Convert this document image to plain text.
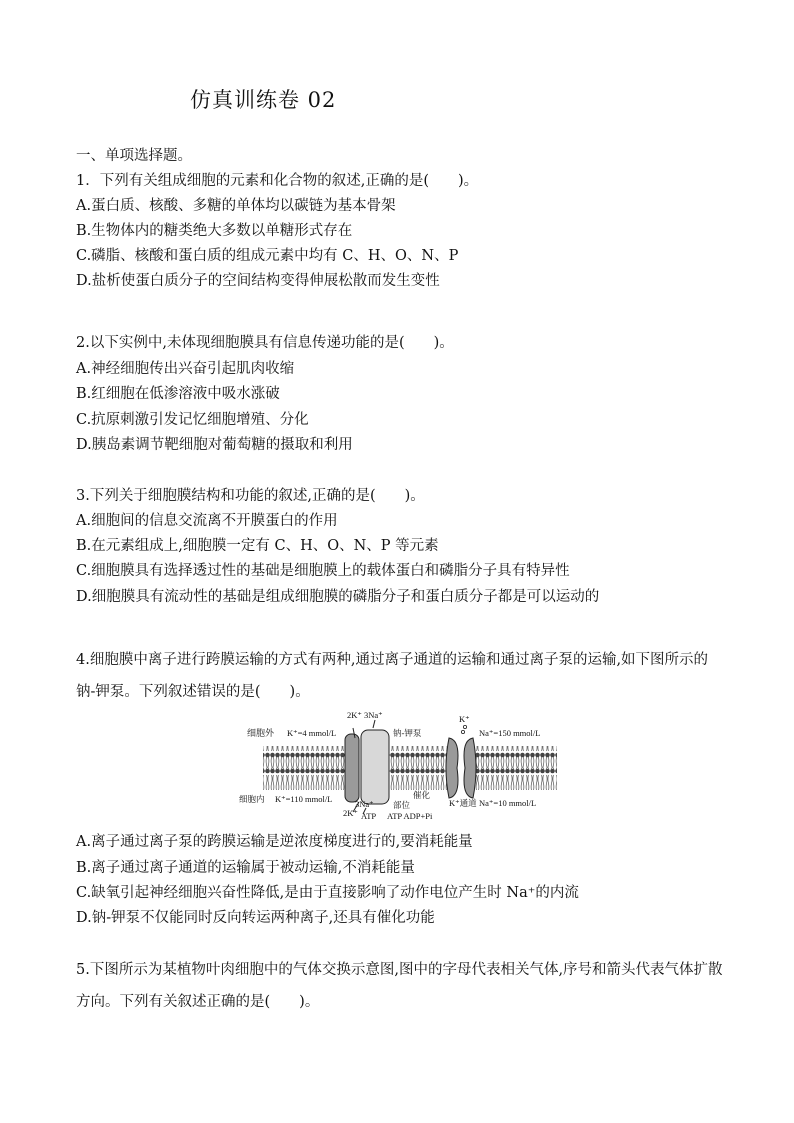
仿真训练卷 02
一、单项选择题。
1．下列有关组成细胞的元素和化合物的叙述,正确的是(　　)。
A.蛋白质、核酸、多糖的单体均以碳链为基本骨架
B.生物体内的糖类绝大多数以单糖形式存在
C.磷脂、核酸和蛋白质的组成元素中均有 C、H、O、N、P
D.盐析使蛋白质分子的空间结构变得伸展松散而发生变性
2.以下实例中,未体现细胞膜具有信息传递功能的是(　　)。
A.神经细胞传出兴奋引起肌肉收缩
B.红细胞在低渗溶液中吸水涨破
C.抗原刺激引发记忆细胞增殖、分化
D.胰岛素调节靶细胞对葡萄糖的摄取和利用
3.下列关于细胞膜结构和功能的叙述,正确的是(　　)。
A.细胞间的信息交流离不开膜蛋白的作用
B.在元素组成上,细胞膜一定有 C、H、O、N、P 等元素
C.细胞膜具有选择透过性的基础是细胞膜上的载体蛋白和磷脂分子具有特异性
D.细胞膜具有流动性的基础是组成细胞膜的磷脂分子和蛋白质分子都是可以运动的
4.细胞膜中离子进行跨膜运输的方式有两种,通过离子通道的运输和通过离子泵的运输,如下图所示的钠-钾泵。下列叙述错误的是(　　)。
细胞外 K⁺=4 mmol/L
2K⁺ 3Na⁺
钠-钾泵
K⁺
Na⁺=150 mmol/L
细胞内 K⁺=110 mmol/L
2K⁺
3Na⁺
ATP
催化
部位
ATP ADP+Pi
K⁺通道 Na⁺=10 mmol/L
A.离子通过离子泵的跨膜运输是逆浓度梯度进行的,要消耗能量
B.离子通过离子通道的运输属于被动运输,不消耗能量
C.缺氧引起神经细胞兴奋性降低,是由于直接影响了动作电位产生时 Na⁺的内流
D.钠-钾泵不仅能同时反向转运两种离子,还具有催化功能
5.下图所示为某植物叶肉细胞中的气体交换示意图,图中的字母代表相关气体,序号和箭头代表气体扩散方向。下列有关叙述正确的是(　　)。
